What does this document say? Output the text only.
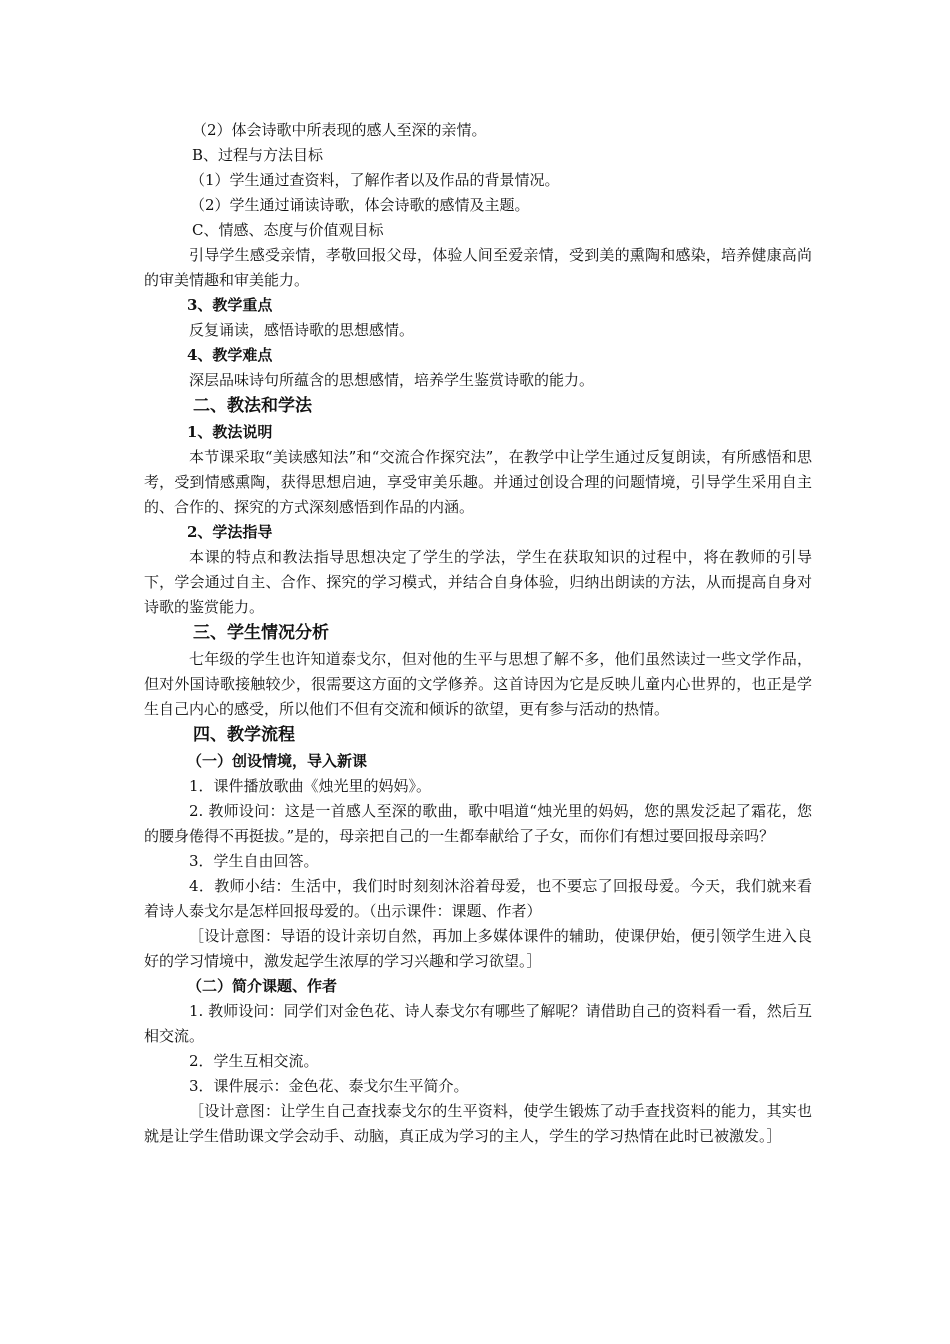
（2）体会诗歌中所表现的感人至深的亲情。

B、过程与方法目标

（1）学生通过查资料，了解作者以及作品的背景情况。

（2）学生通过诵读诗歌，体会诗歌的感情及主题。

C、情感、态度与价值观目标

引导学生感受亲情，孝敬回报父母，体验人间至爱亲情，受到美的熏陶和感染，培养健康高尚的审美情趣和审美能力。

3、教学重点

反复诵读，感悟诗歌的思想感情。

4、教学难点

深层品味诗句所蕴含的思想感情，培养学生鉴赏诗歌的能力。

二、教法和学法

1、教法说明

本节课采取“美读感知法”和“交流合作探究法”，在教学中让学生通过反复朗读，有所感悟和思考，受到情感熏陶，获得思想启迪，享受审美乐趣。并通过创设合理的问题情境，引导学生采用自主的、合作的、探究的方式深刻感悟到作品的内涵。

2、学法指导

本课的特点和教法指导思想决定了学生的学法，学生在获取知识的过程中，将在教师的引导下，学会通过自主、合作、探究的学习模式，并结合自身体验，归纳出朗读的方法，从而提高自身对诗歌的鉴赏能力。

三、学生情况分析

七年级的学生也许知道泰戈尔，但对他的生平与思想了解不多，他们虽然读过一些文学作品，但对外国诗歌接触较少，很需要这方面的文学修养。这首诗因为它是反映儿童内心世界的，也正是学生自己内心的感受，所以他们不但有交流和倾诉的欲望，更有参与活动的热情。

四、教学流程

（一）创设情境，导入新课

1．课件播放歌曲《烛光里的妈妈》。

2. 教师设问：这是一首感人至深的歌曲，歌中唱道“烛光里的妈妈，您的黑发泛起了霜花，您的腰身倦得不再挺拔。”是的，母亲把自己的一生都奉献给了子女，而你们有想过要回报母亲吗？

3．学生自由回答。

4．教师小结：生活中，我们时时刻刻沐浴着母爱，也不要忘了回报母爱。今天，我们就来看着诗人泰戈尔是怎样回报母爱的。（出示课件：课题、作者）

［设计意图：导语的设计亲切自然，再加上多媒体课件的辅助，使课伊始，便引领学生进入良好的学习情境中，激发起学生浓厚的学习兴趣和学习欲望。］

（二）简介课题、作者

1. 教师设问：同学们对金色花、诗人泰戈尔有哪些了解呢？请借助自己的资料看一看，然后互相交流。

2．学生互相交流。

3．课件展示：金色花、泰戈尔生平简介。

［设计意图：让学生自己查找泰戈尔的生平资料，使学生锻炼了动手查找资料的能力，其实也就是让学生借助课文学会动手、动脑，真正成为学习的主人，学生的学习热情在此时已被激发。］
